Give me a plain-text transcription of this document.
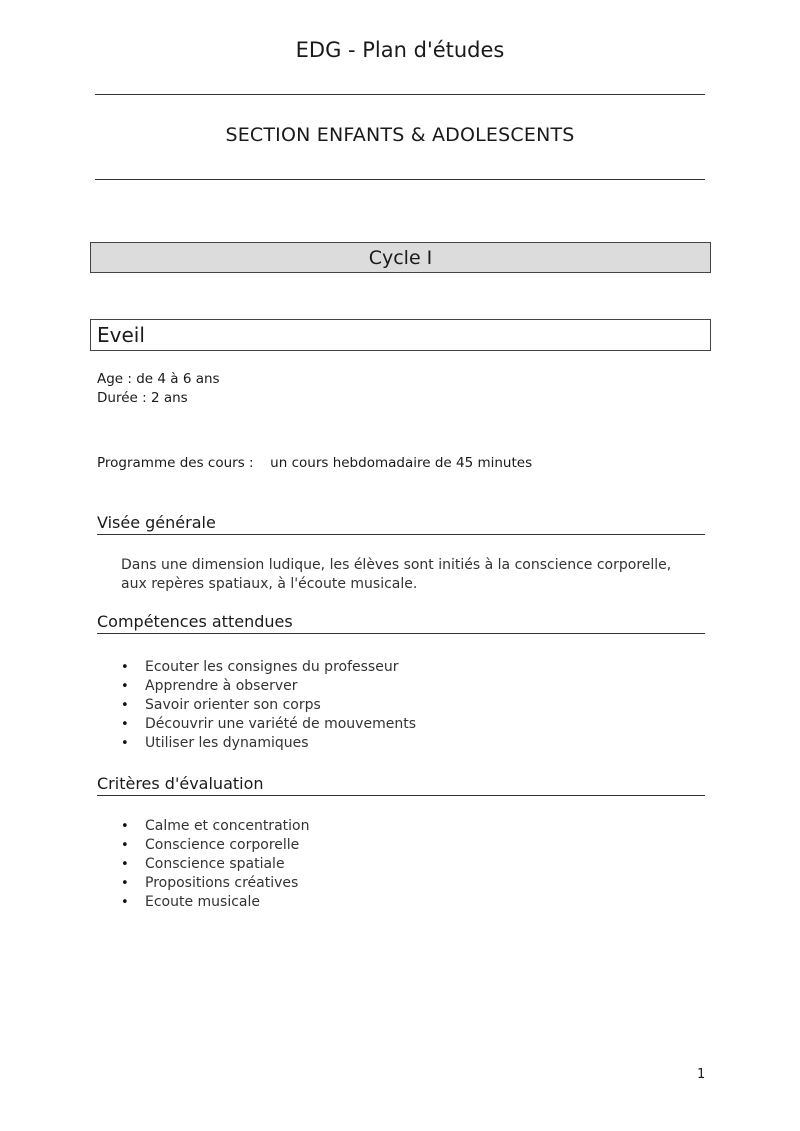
EDG - Plan d'études
SECTION ENFANTS & ADOLESCENTS
Cycle I
Eveil
Age : de 4 à 6 ans
Durée : 2 ans
Programme des cours : un cours hebdomadaire de 45 minutes
Visée générale
Dans une dimension ludique, les élèves sont initiés à la conscience corporelle, aux repères spatiaux, à l'écoute musicale.
Compétences attendues
• Ecouter les consignes du professeur
• Apprendre à observer
• Savoir orienter son corps
• Découvrir une variété de mouvements
• Utiliser les dynamiques
Critères d'évaluation
• Calme et concentration
• Conscience corporelle
• Conscience spatiale
• Propositions créatives
• Ecoute musicale
1
